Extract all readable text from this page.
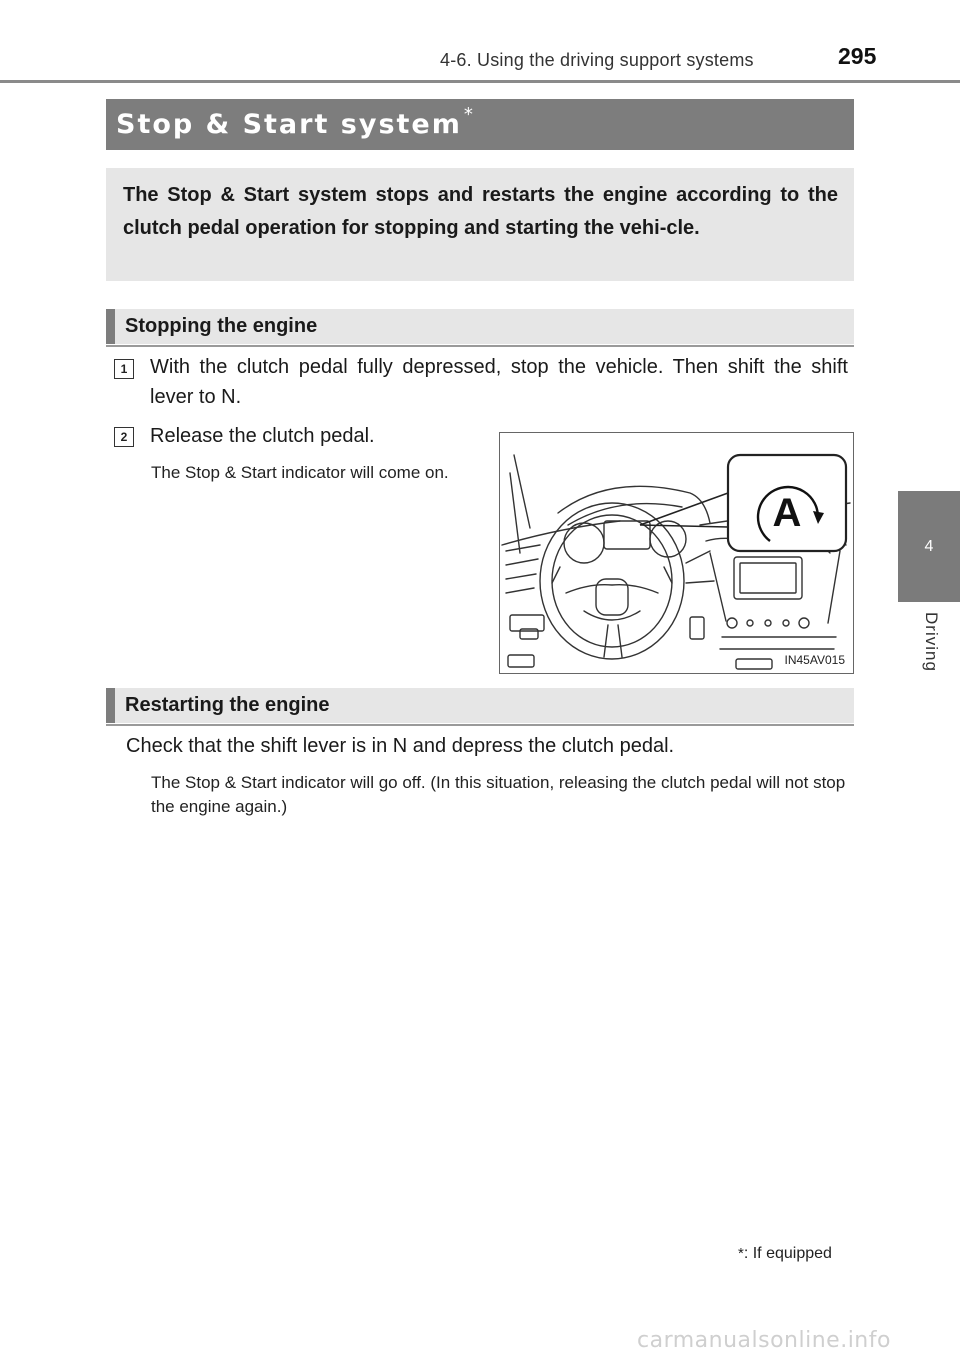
4-6. Using the driving support systems	295
4
Driving
Stop & Start system *
The Stop & Start system stops and restarts the engine according to the clutch pedal operation for stopping and starting the vehi-cle.
Stopping the engine
1	With the clutch pedal fully depressed, stop the vehicle. Then shift the shift lever to N.
2	Release the clutch pedal.
The Stop & Start indicator will come on.
A
IN45AV015
Restarting the engine
Check that the shift lever is in N and depress the clutch pedal.
The Stop & Start indicator will go off. (In this situation, releasing the clutch pedal will not stop the engine again.)
*: If equipped
carmanualsonline.info
